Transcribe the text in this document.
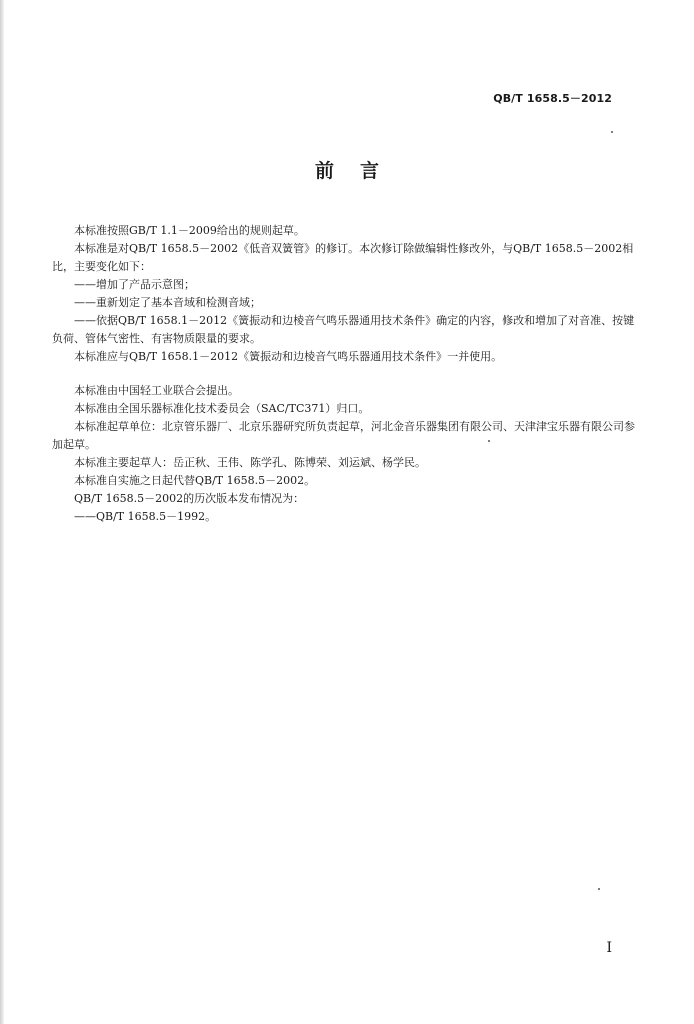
QB/T 1658.5－2012
前言

本标准按照GB/T 1.1－2009给出的规则起草。

本标准是对QB/T 1658.5－2002《低音双簧管》的修订。本次修订除做编辑性修改外，与QB/T 1658.5－2002相比，主要变化如下：

——增加了产品示意图；

——重新划定了基本音域和检测音域；

——依据QB/T 1658.1－2012《簧振动和边棱音气鸣乐器通用技术条件》确定的内容，修改和增加了对音准、按键负荷、管体气密性、有害物质限量的要求。

本标准应与QB/T 1658.1－2012《簧振动和边棱音气鸣乐器通用技术条件》一并使用。

本标准由中国轻工业联合会提出。

本标准由全国乐器标准化技术委员会（SAC/TC371）归口。

本标准起草单位：北京管乐器厂、北京乐器研究所负责起草，河北金音乐器集团有限公司、天津津宝乐器有限公司参加起草。

本标准主要起草人：岳正秋、王伟、陈学孔、陈博荣、刘运斌、杨学民。

本标准自实施之日起代替QB/T 1658.5－2002。

QB/T 1658.5－2002的历次版本发布情况为：

——QB/T 1658.5－1992。

I
